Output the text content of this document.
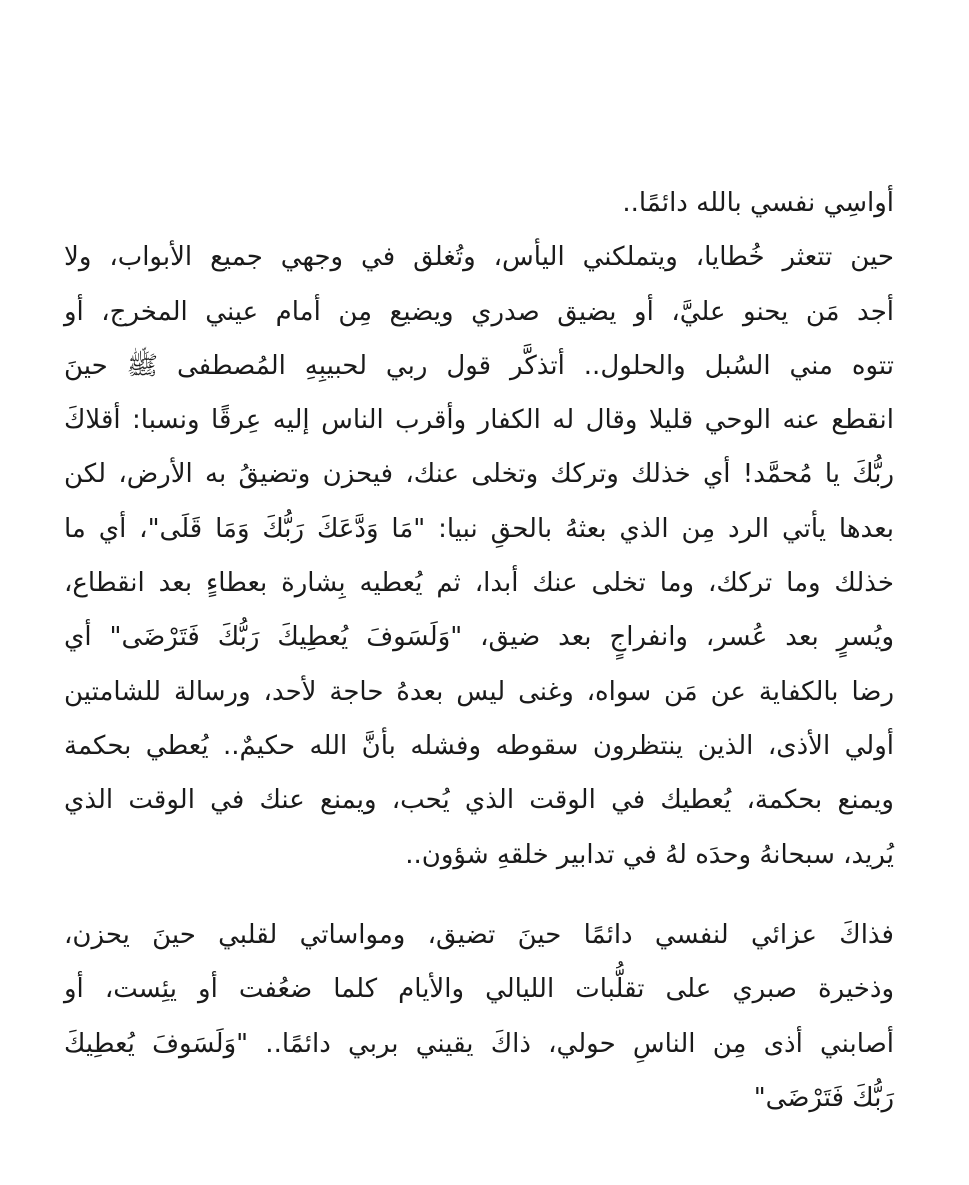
أواسِي نفسي بالله دائمًا..
حين تتعثر خُطايا، ويتملكني اليأس، وتُغلق في وجهي جميع الأبواب، ولا
أجد مَن يحنو عليَّ، أو يضيق صدري ويضيع مِن أمام عيني المخرج، أو
تتوه مني السُبل والحلول.. أتذكَّر قول ربي لحبيبِهِ المُصطفى ﷺ حينَ
انقطع عنه الوحي قليلا وقال له الكفار وأقرب الناس إليه عِرقًا ونسبا: أقلاكَ
ربُّكَ يا مُحمَّد! أي خذلك وتركك وتخلى عنك، فيحزن وتضيقُ به الأرض، لكن
بعدها يأتي الرد مِن الذي بعثهُ بالحقِ نبيا: "مَا وَدَّعَكَ رَبُّكَ وَمَا قَلَى"، أي ما
خذلك وما تركك، وما تخلى عنك أبدا، ثم يُعطيه بِشارة بعطاءٍ بعد انقطاع،
ويُسرٍ بعد عُسر، وانفراجٍ بعد ضيق، "وَلَسَوفَ يُعطِيكَ رَبُّكَ فَتَرْضَى" أي
رضا بالكفاية عن مَن سواه، وغنى ليس بعدهُ حاجة لأحد، ورسالة للشامتين
أولي الأذى، الذين ينتظرون سقوطه وفشله بأنَّ الله حكيمٌ.. يُعطي بحكمة
ويمنع بحكمة، يُعطيك في الوقت الذي يُحب، ويمنع عنك في الوقت الذي
يُريد، سبحانهُ وحدَه لهُ في تدابير خلقهِ شؤون..
فذاكَ عزائي لنفسي دائمًا حينَ تضيق، ومواساتي لقلبي حينَ يحزن،
وذخيرة صبري على تقلُّبات الليالي والأيام كلما ضعُفت أو يئِست، أو
أصابني أذى مِن الناسِ حولي، ذاكَ يقيني بربي دائمًا.. "وَلَسَوفَ يُعطِيكَ
رَبُّكَ فَتَرْضَى"
